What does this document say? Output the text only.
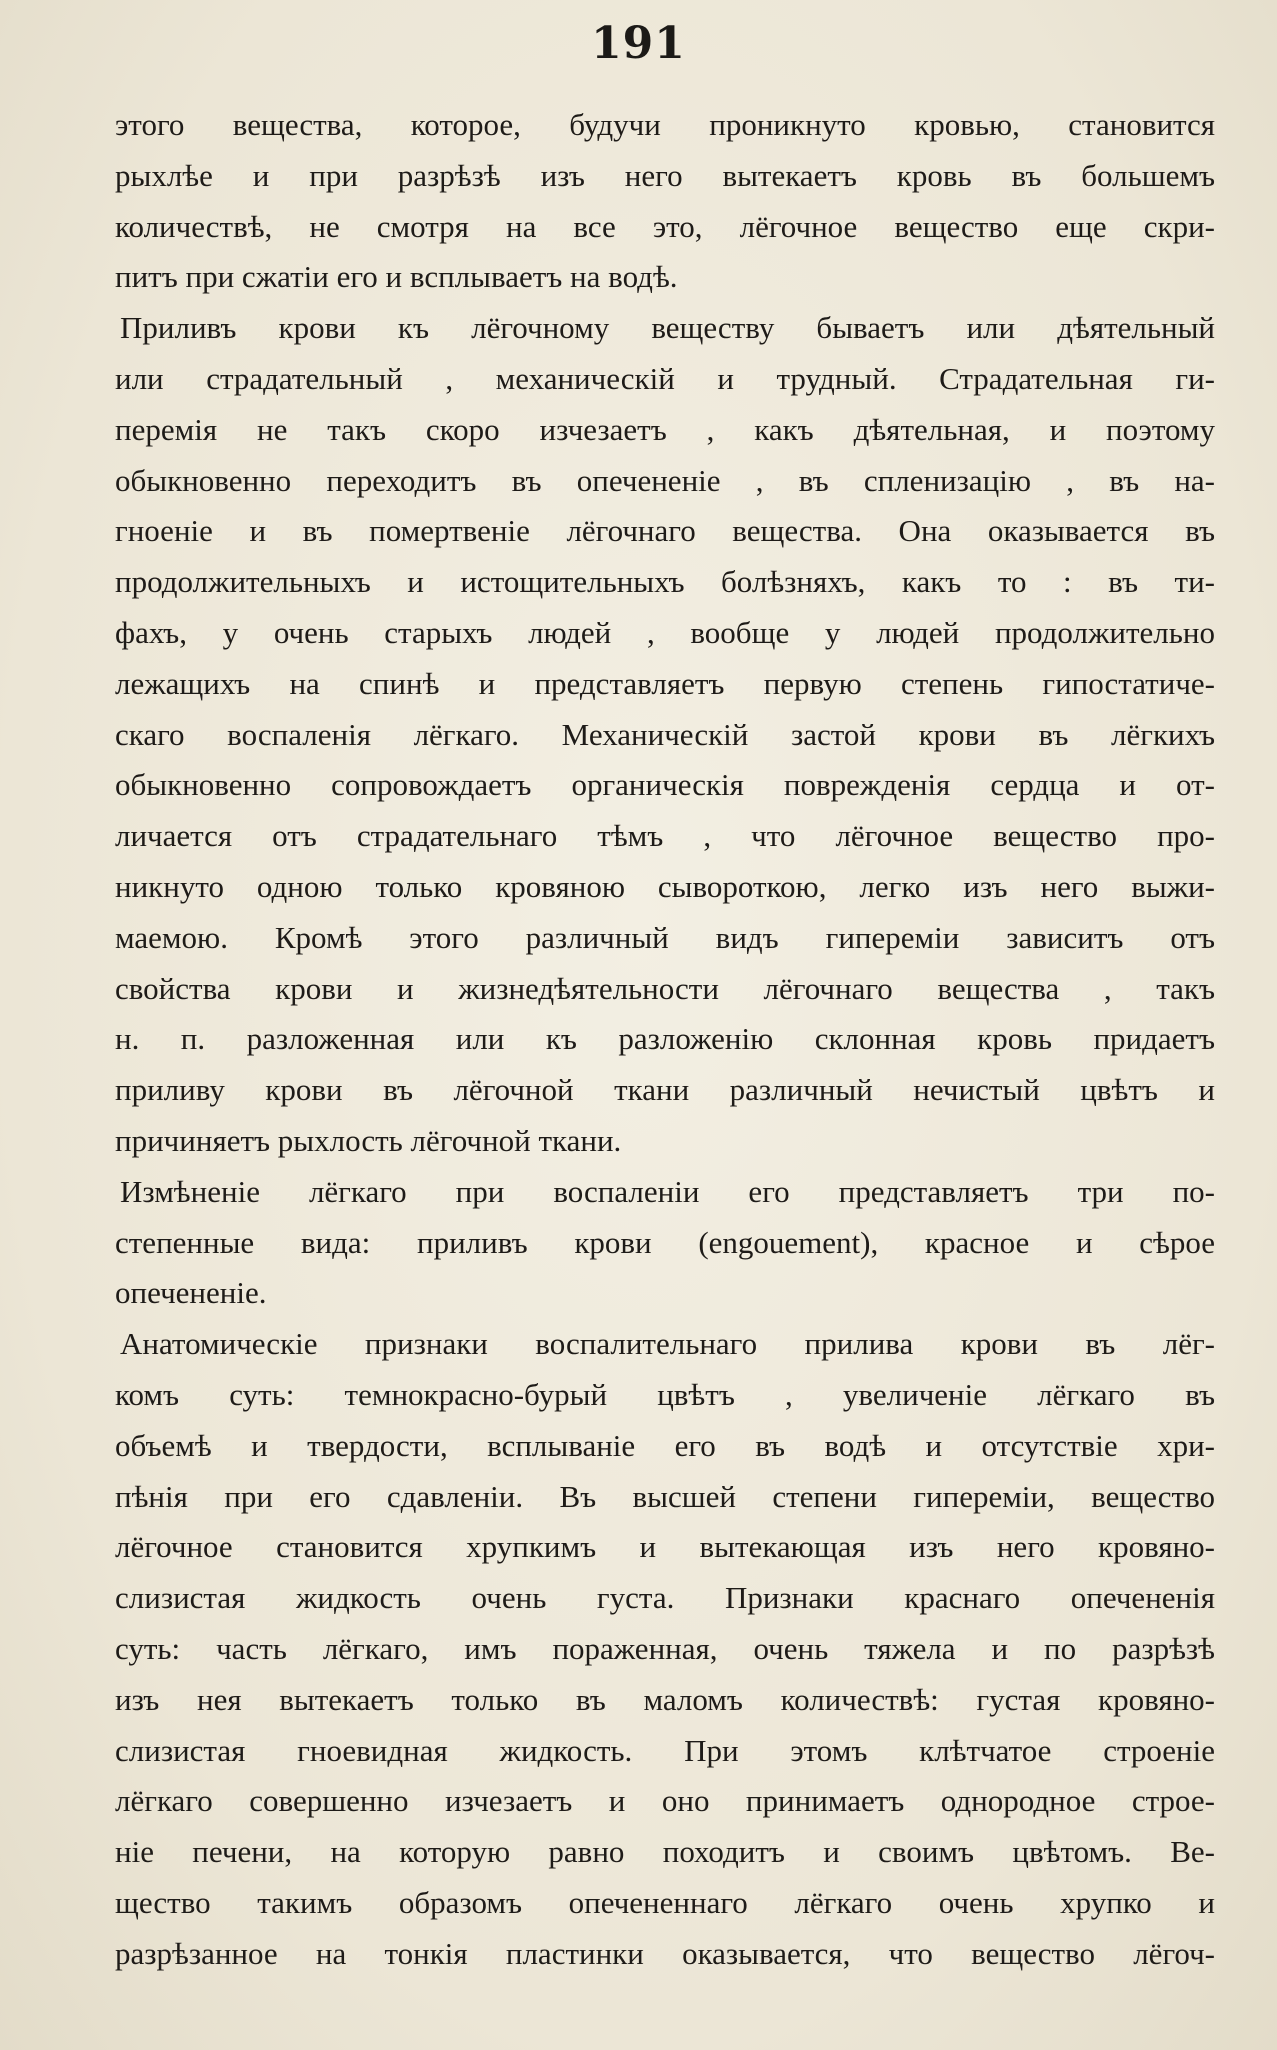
191
этого вещества, которое, будучи проникнуто кровью, становится
рыхлѣе и при разрѣзѣ изъ него вытекаетъ кровь въ большемъ
количествѣ, не смотря на все это, лёгочное вещество еще скри-
питъ при сжатіи его и всплываетъ на водѣ.
Приливъ крови къ лёгочному веществу бываетъ или дѣятельный
или страдательный , механическій и трудный. Страдательная ги-
перемія не такъ скоро изчезаетъ , какъ дѣятельная, и поэтому
обыкновенно переходитъ въ опечененіе , въ спленизацію , въ на-
гноеніе и въ помертвеніе лёгочнаго вещества. Она оказывается въ
продолжительныхъ и истощительныхъ болѣзняхъ, какъ то : въ ти-
фахъ, у очень старыхъ людей , вообще у людей продолжительно
лежащихъ на спинѣ и представляетъ первую степень гипостатиче-
скаго воспаленія лёгкаго. Механическій застой крови въ лёгкихъ
обыкновенно сопровождаетъ органическія поврежденія сердца и от-
личается отъ страдательнаго тѣмъ , что лёгочное вещество про-
никнуто одною только кровяною сывороткою, легко изъ него выжи-
маемою. Кромѣ этого различный видъ гипереміи зависитъ отъ
свойства крови и жизнедѣятельности лёгочнаго вещества , такъ
н. п. разложенная или къ разложенію склонная кровь придаетъ
приливу крови въ лёгочной ткани различный нечистый цвѣтъ и
причиняетъ рыхлость лёгочной ткани.
Измѣненіе лёгкаго при воспаленіи его представляетъ три по-
степенные вида: приливъ крови (engouement), красное и сѣрое
опечененіе.
Анатомическіе признаки воспалительнаго прилива крови въ лёг-
комъ суть: темнокрасно-бурый цвѣтъ , увеличеніе лёгкаго въ
объемѣ и твердости, всплываніе его въ водѣ и отсутствіе хри-
пѣнія при его сдавленіи. Въ высшей степени гипереміи, вещество
лёгочное становится хрупкимъ и вытекающая изъ него кровяно-
слизистая жидкость очень густа. Признаки краснаго опечененія
суть: часть лёгкаго, имъ пораженная, очень тяжела и по разрѣзѣ
изъ нея вытекаетъ только въ маломъ количествѣ: густая кровяно-
слизистая гноевидная жидкость. При этомъ клѣтчатое строеніе
лёгкаго совершенно изчезаетъ и оно принимаетъ однородное строе-
ніе печени, на которую равно походитъ и своимъ цвѣтомъ. Ве-
щество такимъ образомъ опечененнаго лёгкаго очень хрупко и
разрѣзанное на тонкія пластинки оказывается, что вещество лёгоч-
